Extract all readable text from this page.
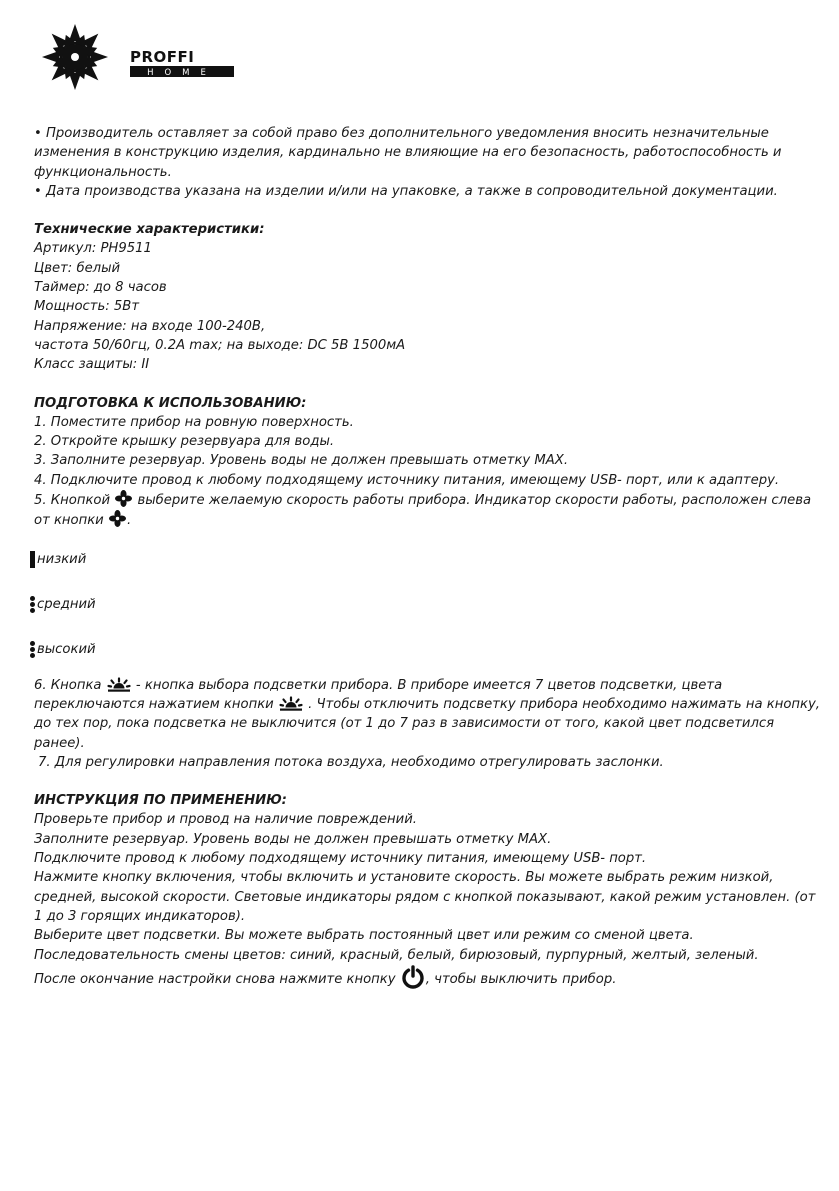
PROFFI
HOME

• Производитель оставляет за собой право без дополнительного уведомления вносить незначительные изменения в конструкцию изделия, кардинально не влияющие на его безопасность, работоспособность и функциональность.

• Дата производства указана на изделии и/или на упаковке, а также в сопроводительной документации.

Технические характеристики:

Артикул: PH9511

Цвет: белый

Таймер: до 8 часов

Мощность: 5Вт

Напряжение: на входе 100-240В,

частота 50/60гц, 0.2А max; на выходе: DC 5В 1500мА

Класс защиты: II

ПОДГОТОВКА К ИСПОЛЬЗОВАНИЮ:

1. Поместите прибор на ровную поверхность.

2. Откройте крышку резервуара для воды.

3. Заполните резервуар. Уровень воды не должен превышать отметку MAX.

4. Подключите провод к любому подходящему источнику питания, имеющему USB- порт, или к адаптеру.

5. Кнопкой выберите желаемую скорость работы прибора. Индикатор скорости работы, расположен слева от кнопки .

низкий
средний
высокий

6. Кнопка	- кнопка выбора подсветки прибора. В приборе имеется 7 цветов подсветки, цвета переключаются нажатием кнопки	. Чтобы отключить подсветку прибора необходимо нажимать на кнопку, до тех пор, пока подсветка не выключится (от 1 до 7 раз в зависимости от того, какой цвет подсветился ранее).

7. Для регулировки направления потока воздуха, необходимо отрегулировать заслонки.

ИНСТРУКЦИЯ ПО ПРИМЕНЕНИЮ:

Проверьте прибор и провод на наличие повреждений.

Заполните резервуар. Уровень воды не должен превышать отметку MAX.

Подключите провод к любому подходящему источнику питания, имеющему USB- порт.

Нажмите кнопку включения, чтобы включить и установите скорость. Вы можете выбрать режим низкой, средней, высокой скорости. Световые индикаторы рядом с кнопкой показывают, какой режим установлен. (от 1 до 3 горящих индикаторов).

Выберите цвет подсветки. Вы можете выбрать постоянный цвет или режим со сменой цвета. Последовательность смены цветов: синий, красный, белый, бирюзовый, пурпурный, желтый, зеленый.

После окончание настройки снова нажмите кнопку , чтобы выключить прибор.
